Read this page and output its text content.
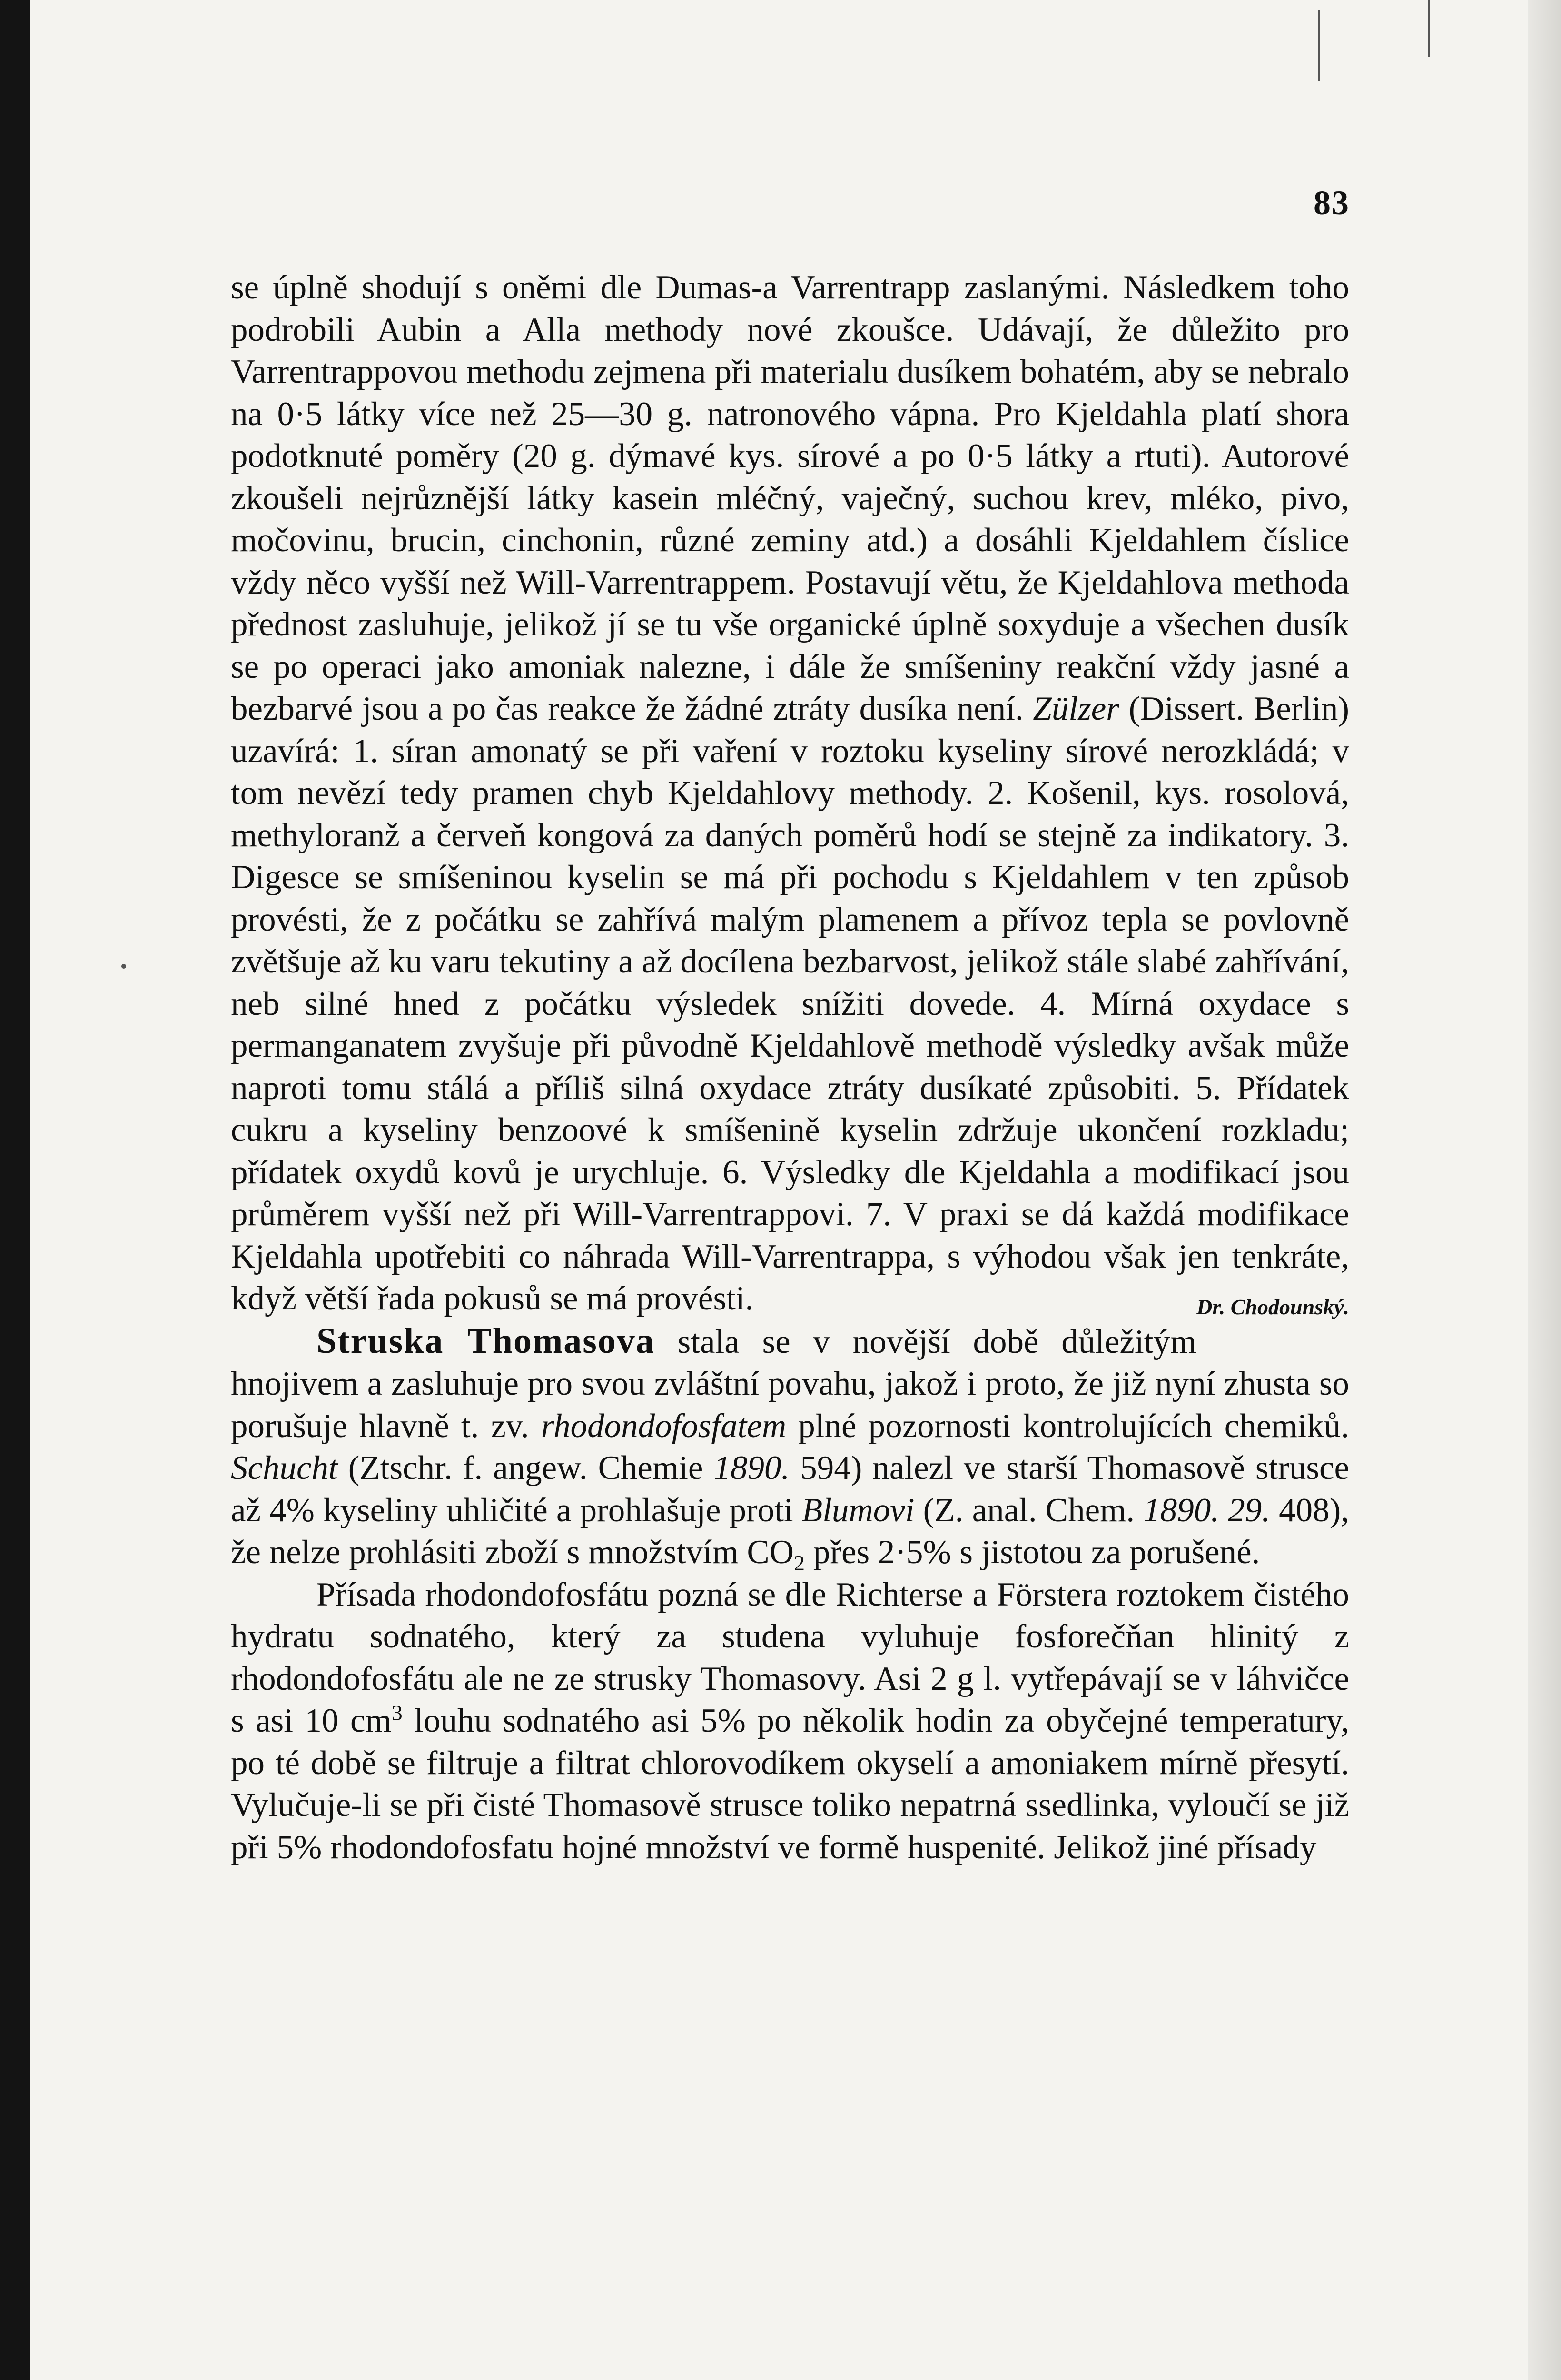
83

se úplně shodují s oněmi dle Dumas-a Varrentrapp zaslanými. Následkem toho podrobili Aubin a Alla methody nové zkoušce. Udávají, že důležito pro Varrentrappovou methodu zejmena při materialu dusíkem bohatém, aby se nebralo na 0·5 látky více než 25—30 g. natronového vápna. Pro Kjeldahla platí shora podotknuté poměry (20 g. dýmavé kys. sírové a po 0·5 látky a rtuti). Autorové zkoušeli nejrůznější látky kasein mléčný, vaječný, suchou krev, mléko, pivo, močovinu, brucin, cinchonin, různé zeminy atd.) a dosáhli Kjeldahlem číslice vždy něco vyšší než Will-Varrentrappem. Postavují větu, že Kjeldahlova methoda přednost zasluhuje, jelikož jí se tu vše organické úplně soxyduje a všechen dusík se po operaci jako amoniak nalezne, i dále že smíšeniny reakční vždy jasné a bezbarvé jsou a po čas reakce že žádné ztráty dusíka není. Zülzer (Dissert. Berlin) uzavírá: 1. síran amonatý se při vaření v roztoku kyseliny sírové nerozkládá; v tom nevězí tedy pramen chyb Kjeldahlovy methody. 2. Košenil, kys. rosolová, methyloranž a červeň kongová za daných poměrů hodí se stejně za indikatory. 3. Digesce se smíšeninou kyselin se má při pochodu s Kjeldahlem v ten způsob provésti, že z počátku se zahřívá malým plamenem a přívoz tepla se povlovně zvětšuje až ku varu tekutiny a až docílena bezbarvost, jelikož stále slabé zahřívání, neb silné hned z počátku výsledek snížiti dovede. 4. Mírná oxydace s permanganatem zvyšuje při původně Kjeldahlově methodě výsledky avšak může naproti tomu stálá a příliš silná oxydace ztráty dusíkaté způsobiti. 5. Přídatek cukru a kyseliny benzoové k smíšenině kyselin zdržuje ukončení rozkladu; přídatek oxydů kovů je urychluje. 6. Výsledky dle Kjeldahla a modifikací jsou průměrem vyšší než při Will-Varrentrappovi. 7. V praxi se dá každá modifikace Kjeldahla upotřebiti co náhrada Will-Varrentrappa, s výhodou však jen tenkráte, když větší řada pokusů se má provésti.	Dr. Chodounský.

Struska Thomasova stala se v novější době důležitým hnojivem a zasluhuje pro svou zvláštní povahu, jakož i proto, že již nyní zhusta so porušuje hlavně t. zv. rhodondofosfatem plné pozornosti kontrolujících chemiků. Schucht (Ztschr. f. angew. Chemie 1890. 594) nalezl ve starší Thomasově strusce až 4% kyseliny uhličité a prohlašuje proti Blumovi (Z. anal. Chem. 1890. 29. 408), že nelze prohlásiti zboží s množstvím $CO_2$ přes 2·5% s jistotou za porušené.

Přísada rhodondofosfátu pozná se dle Richterse a Förstera roztokem čistého hydratu sodnatého, který za studena vyluhuje fosforečňan hlinitý z rhodondofosfátu ale ne ze strusky Thomasovy. Asi 2 g l. vytřepávají se v láhvičce s asi 10 $cm^3$ louhu sodnatého asi 5% po několik hodin za obyčejné temperatury, po té době se filtruje a filtrat chlorovodíkem okyselí a amoniakem mírně přesytí. Vylučuje-li se při čisté Thomasově strusce toliko nepatrná ssedlinka, vyloučí se již při 5% rhodondofosfatu hojné množství ve formě huspenité. Jelikož jiné přísady
